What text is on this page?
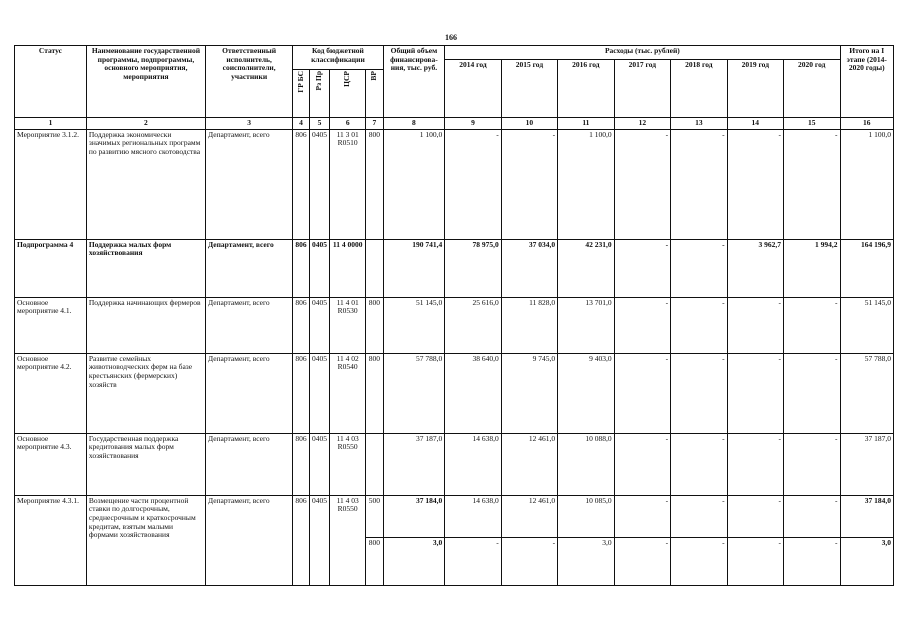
166
Статус	Наименование государственной программы, подпрограммы, основного мероприятия, мероприятия	Ответственный исполнитель, соисполнители, участники	Код бюджетной классификации				Общий объем финансирова-ния, тыс. руб.	Расходы (тыс. рублей)							Итого на I этапе (2014-2020 годы)
								2014 год	2015 год	2016 год	2017 год	2018 год	2019 год	2020 год	
			ГР БС	Рз Пр	ЦСР	ВР									
1	2	3	4	5	6	7	8	9	10	11	12	13	14	15	16
Мероприятие 3.1.2.	Поддержка экономически значимых региональных программ по развитию мясного скотоводства	Департамент, всего	806	0405	11 3 01 R0510	800	1 100,0	-	-	1 100,0	-	-	-	-	1 100,0
Подпрограмма 4	Поддержка малых форм хозяйствования	Департамент, всего	806	0405	11 4 0000		190 741,4	78 975,0	37 034,0	42 231,0	-	-	3 962,7	1 994,2	164 196,9
Основное мероприятие 4.1.	Поддержка начинающих фермеров	Департамент, всего	806	0405	11 4 01 R0530	800	51 145,0	25 616,0	11 828,0	13 701,0	-	-	-	-	51 145,0
Основное мероприятие 4.2.	Развитие семейных животноводческих ферм на базе крестьянских (фермерских) хозяйств	Департамент, всего	806	0405	11 4 02 R0540	800	57 788,0	38 640,0	9 745,0	9 403,0	-	-	-	-	57 788,0
Основное мероприятие 4.3.	Государственная поддержка кредитования малых форм хозяйствования	Департамент, всего	806	0405	11 4 03 R0550		37 187,0	14 638,0	12 461,0	10 088,0	-	-	-	-	37 187,0
Мероприятие 4.3.1.	Возмещение части процентной ставки по долгосрочным, среднесрочным и краткосрочным кредитам, взятым малыми формами хозяйствования	Департамент, всего	806	0405	11 4 03 R0550	500	37 184,0	14 638,0	12 461,0	10 085,0	-	-	-	-	37 184,0
						800	3,0	-	-	3,0	-	-	-	-	3,0
